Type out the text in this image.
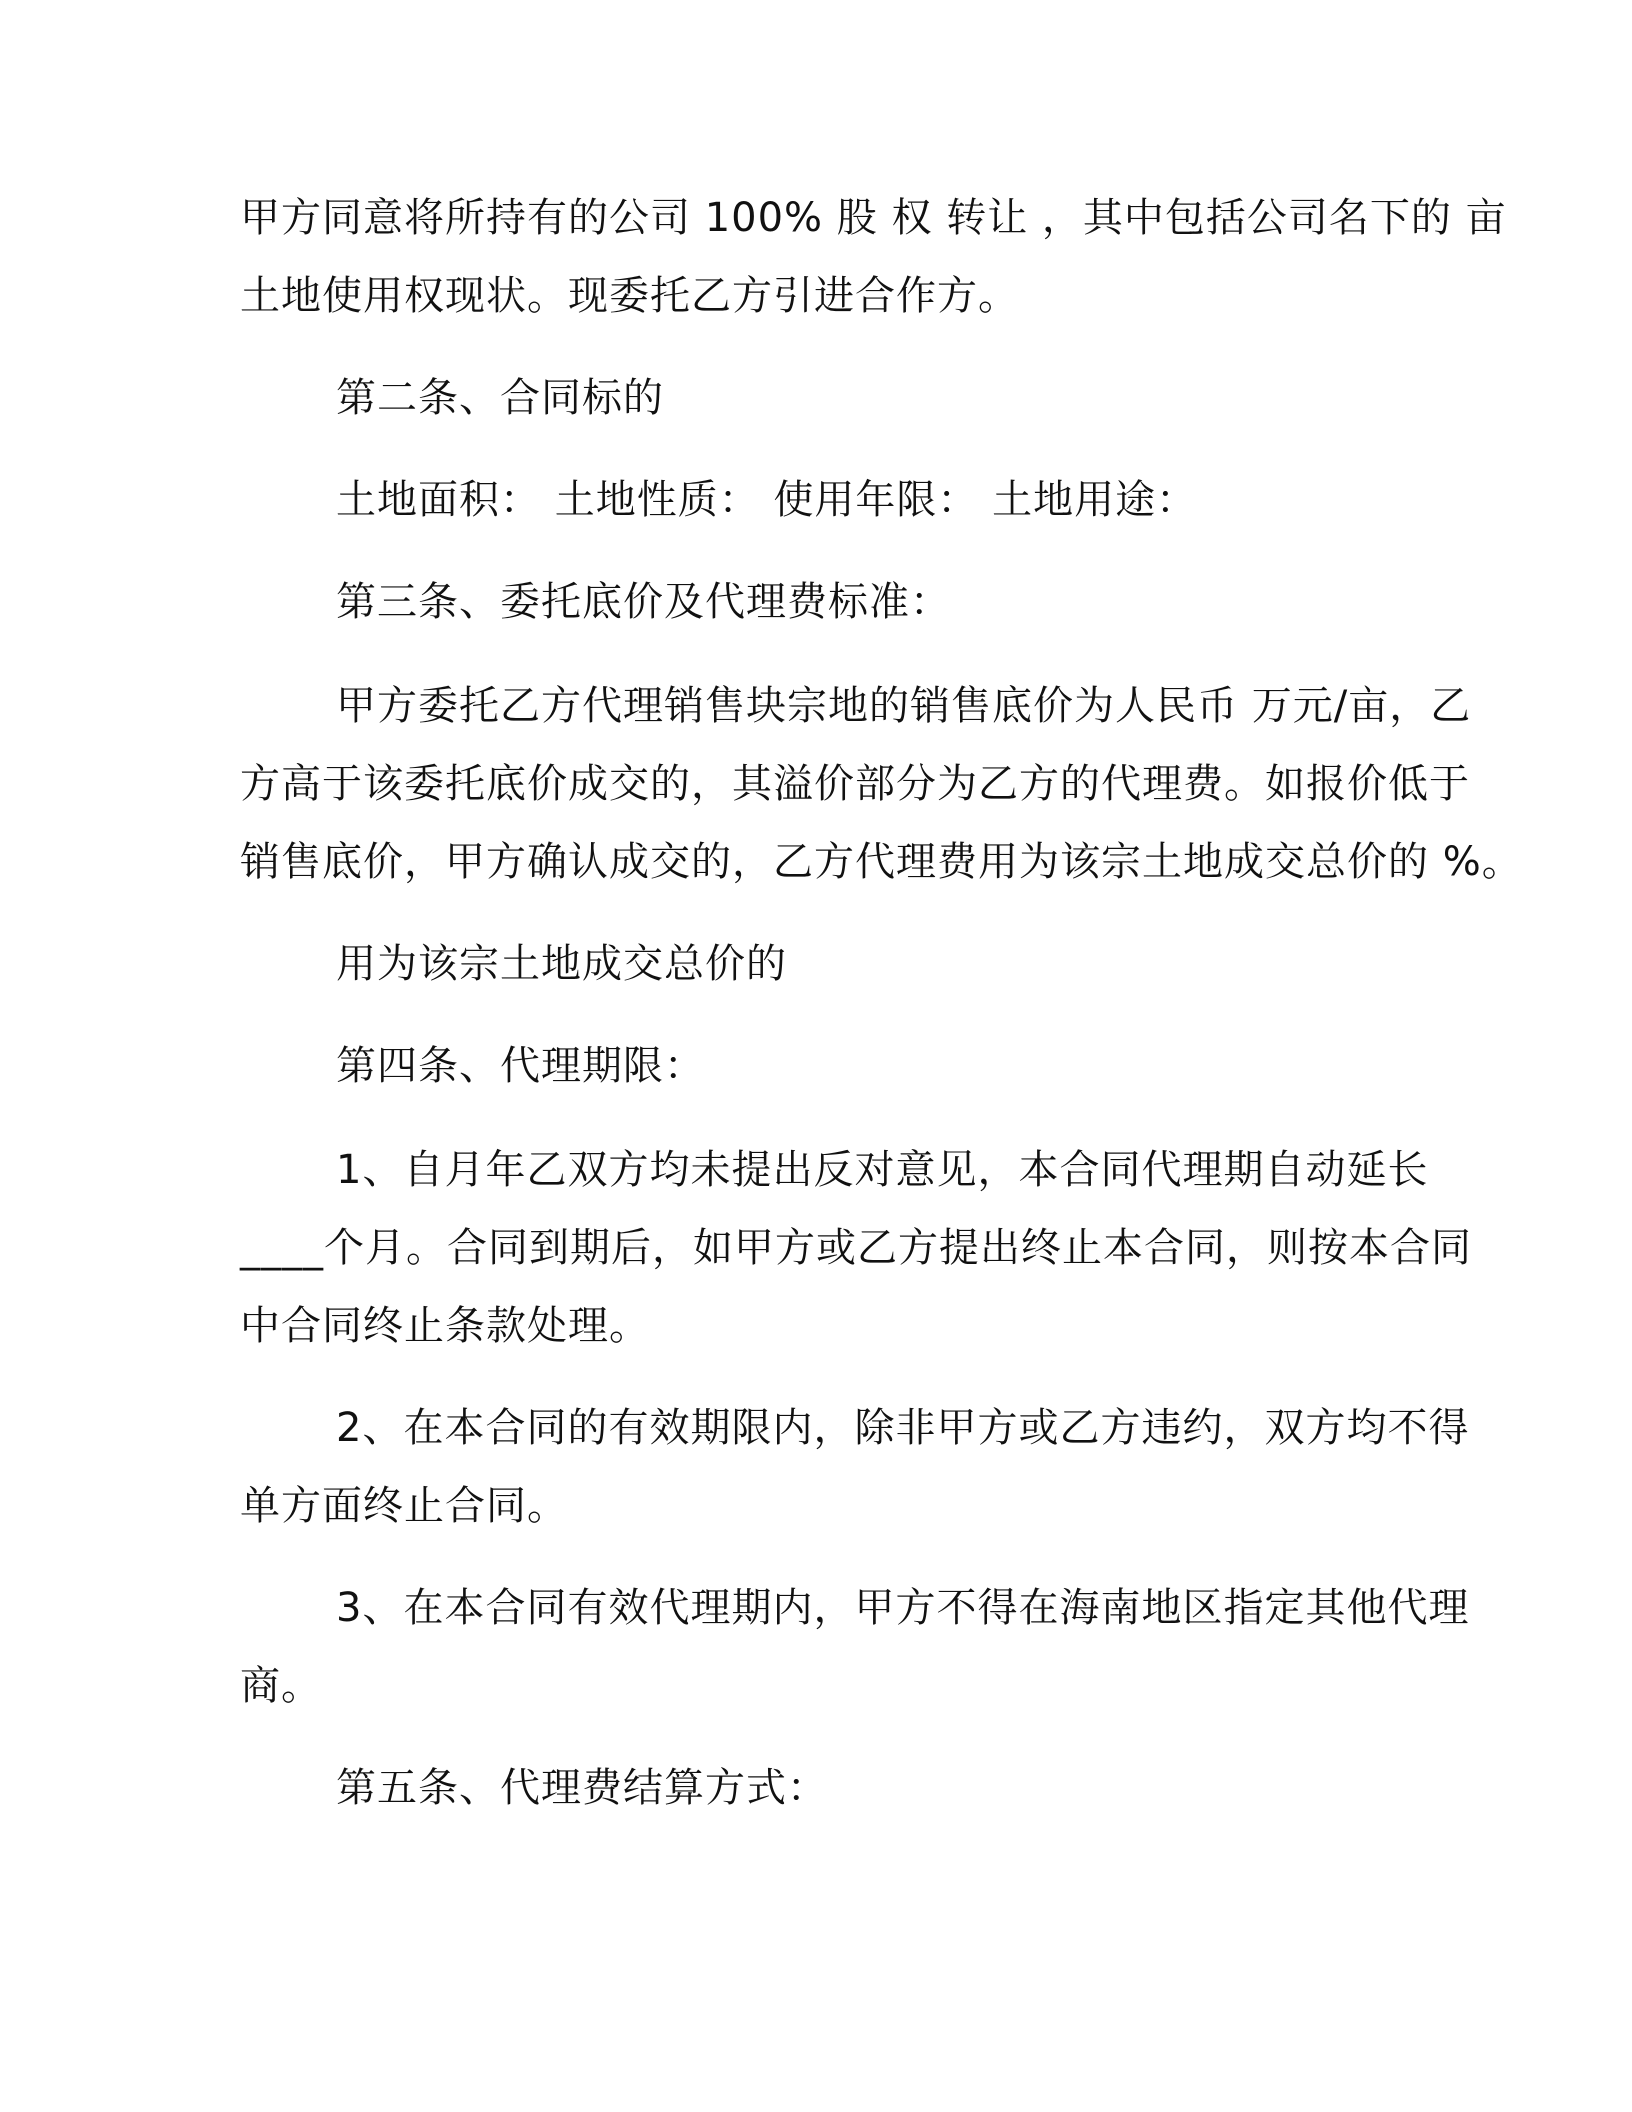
甲方同意将所持有的公司 100% 股 权 转让 ，其中包括公司名下的 亩
土地使用权现状。现委托乙方引进合作方。
第二条、合同标的
土地面积： 土地性质： 使用年限： 土地用途：
第三条、委托底价及代理费标准：
甲方委托乙方代理销售块宗地的销售底价为人民币 万元/亩，乙
方高于该委托底价成交的，其溢价部分为乙方的代理费。如报价低于
销售底价，甲方确认成交的，乙方代理费用为该宗土地成交总价的 %。
用为该宗土地成交总价的
第四条、代理期限：
1、自月年乙双方均未提出反对意见，本合同代理期自动延长
____个月。合同到期后，如甲方或乙方提出终止本合同，则按本合同
中合同终止条款处理。
2、在本合同的有效期限内，除非甲方或乙方违约，双方均不得
单方面终止合同。
3、在本合同有效代理期内，甲方不得在海南地区指定其他代理
商。
第五条、代理费结算方式：
